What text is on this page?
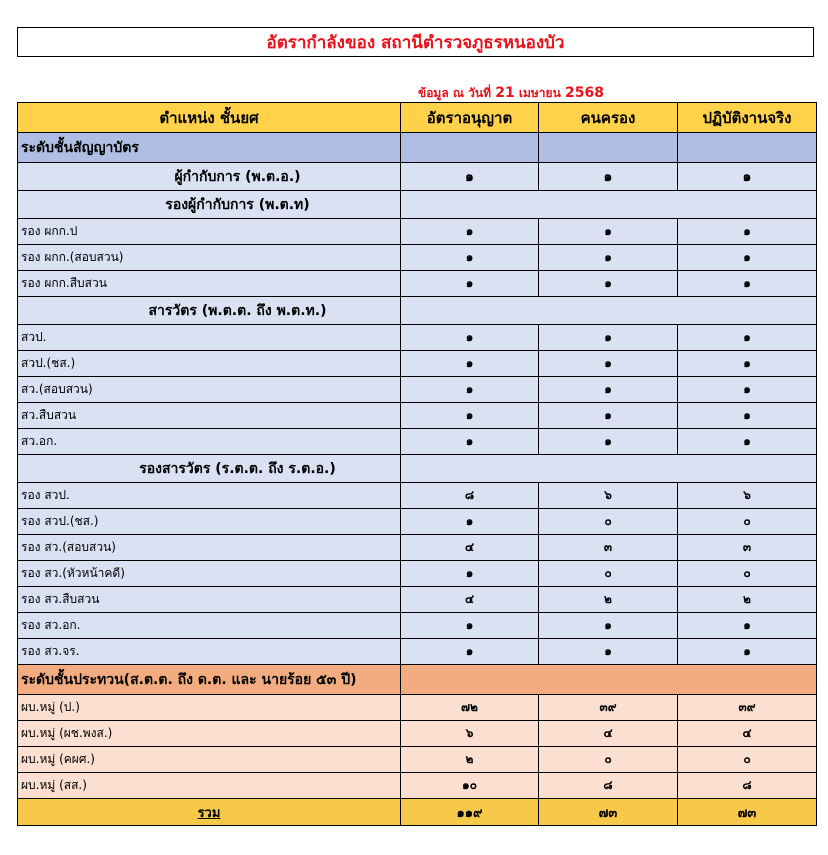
อัตรากำลังของ สถานีตำรวจภูธรหนองบัว
ข้อมูล ณ วันที่ 21 เมษายน 2568
ตำแหน่ง ชั้นยศ	อัตราอนุญาต	คนครอง	ปฏิบัติงานจริง
ระดับชั้นสัญญาบัตร			
ผู้กำกับการ (พ.ต.อ.)	๑	๑	๑
รองผู้กำกับการ (พ.ต.ท)			
รอง ผกก.ป	๑	๑	๑
รอง ผกก.(สอบสวน)	๑	๑	๑
รอง ผกก.สืบสวน	๑	๑	๑
สารวัตร (พ.ต.ต. ถึง พ.ต.ท.)			
สวป.	๑	๑	๑
สวป.(ชส.)	๑	๑	๑
สว.(สอบสวน)	๑	๑	๑
สว.สืบสวน	๑	๑	๑
สว.อก.	๑	๑	๑
รองสารวัตร (ร.ต.ต. ถึง ร.ต.อ.)			
รอง สวป.	๘	๖	๖
รอง สวป.(ชส.)	๑	๐	๐
รอง สว.(สอบสวน)	๔	๓	๓
รอง สว.(หัวหน้าคดี)	๑	๐	๐
รอง สว.สืบสวน	๔	๒	๒
รอง สว.อก.	๑	๑	๑
รอง สว.จร.	๑	๑	๑
ระดับชั้นประทวน(ส.ต.ต. ถึง ด.ต. และ นายร้อย ๕๓ ปี)			
ผบ.หมู่ (ป.)	๗๒	๓๙	๓๙
ผบ.หมู่ (ผช.พงส.)	๖	๔	๔
ผบ.หมู่ (คผศ.)	๒	๐	๐
ผบ.หมู่ (สส.)	๑๐	๘	๘
รวม	๑๑๙	๗๓	๗๓
